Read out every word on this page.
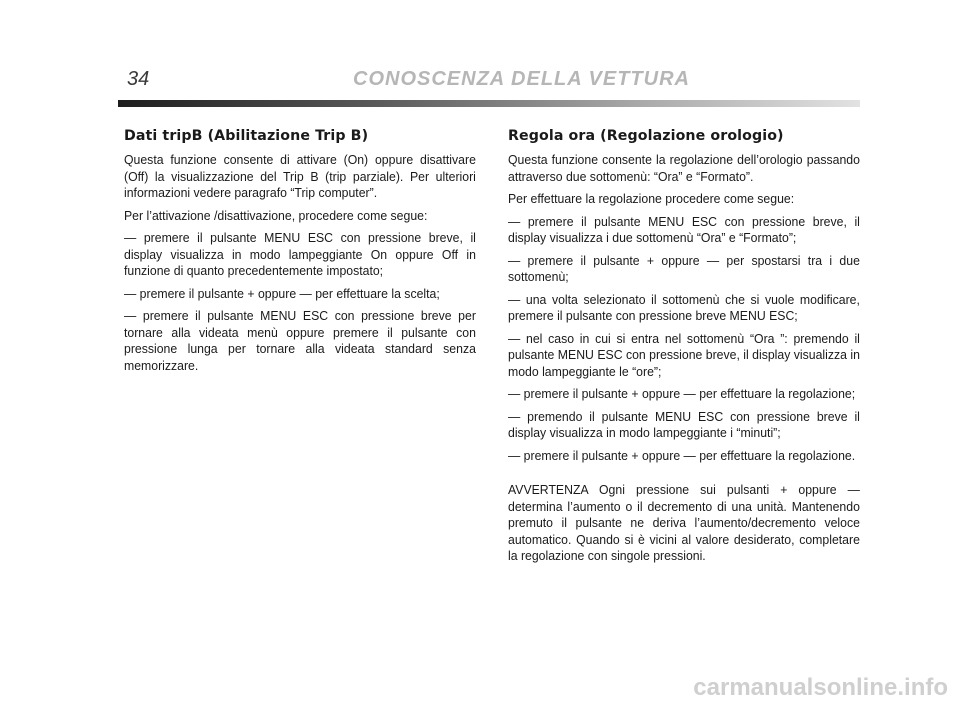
34	CONOSCENZA DELLA VETTURA
Dati tripB (Abilitazione Trip B)

Questa funzione consente di attivare (On) oppure disattivare (Off) la visualizzazione del Trip B (trip parziale). Per ulteriori informazioni vedere paragrafo “Trip computer”.

Per l’attivazione /disattivazione, procedere come segue:

— premere il pulsante MENU ESC con pressione breve, il display visualizza in modo lampeggiante On oppure Off in funzione di quanto precedentemente impostato;

— premere il pulsante + oppure — per effettuare la scelta;

— premere il pulsante MENU ESC con pressione breve per tornare alla videata menù oppure premere il pulsante con pressione lunga per tornare alla videata standard senza memorizzare.

Regola ora (Regolazione orologio)

Questa funzione consente la regolazione dell’orologio passando attraverso due sottomenù: “Ora” e “Formato”.

Per effettuare la regolazione procedere come segue:

— premere il pulsante MENU ESC con pressione breve, il display visualizza i due sottomenù “Ora” e “Formato”;

— premere il pulsante + oppure — per spostarsi tra i due sottomenù;

— una volta selezionato il sottomenù che si vuole modificare, premere il pulsante con pressione breve MENU ESC;

— nel caso in cui si entra nel sottomenù “Ora ”: premendo il pulsante MENU ESC con pressione breve, il display visualizza in modo lampeggiante le “ore”;

— premere il pulsante + oppure — per effettuare la regolazione;

— premendo il pulsante MENU ESC con pressione breve il display visualizza in modo lampeggiante i “minuti”;

— premere il pulsante + oppure — per effettuare la regolazione.

AVVERTENZA Ogni pressione sui pulsanti + oppure — determina l’aumento o il decremento di una unità. Mantenendo premuto il pulsante ne deriva l’aumento/decremento veloce automatico. Quando si è vicini al valore desiderato, completare la regolazione con singole pressioni.

carmanualsonline.info
